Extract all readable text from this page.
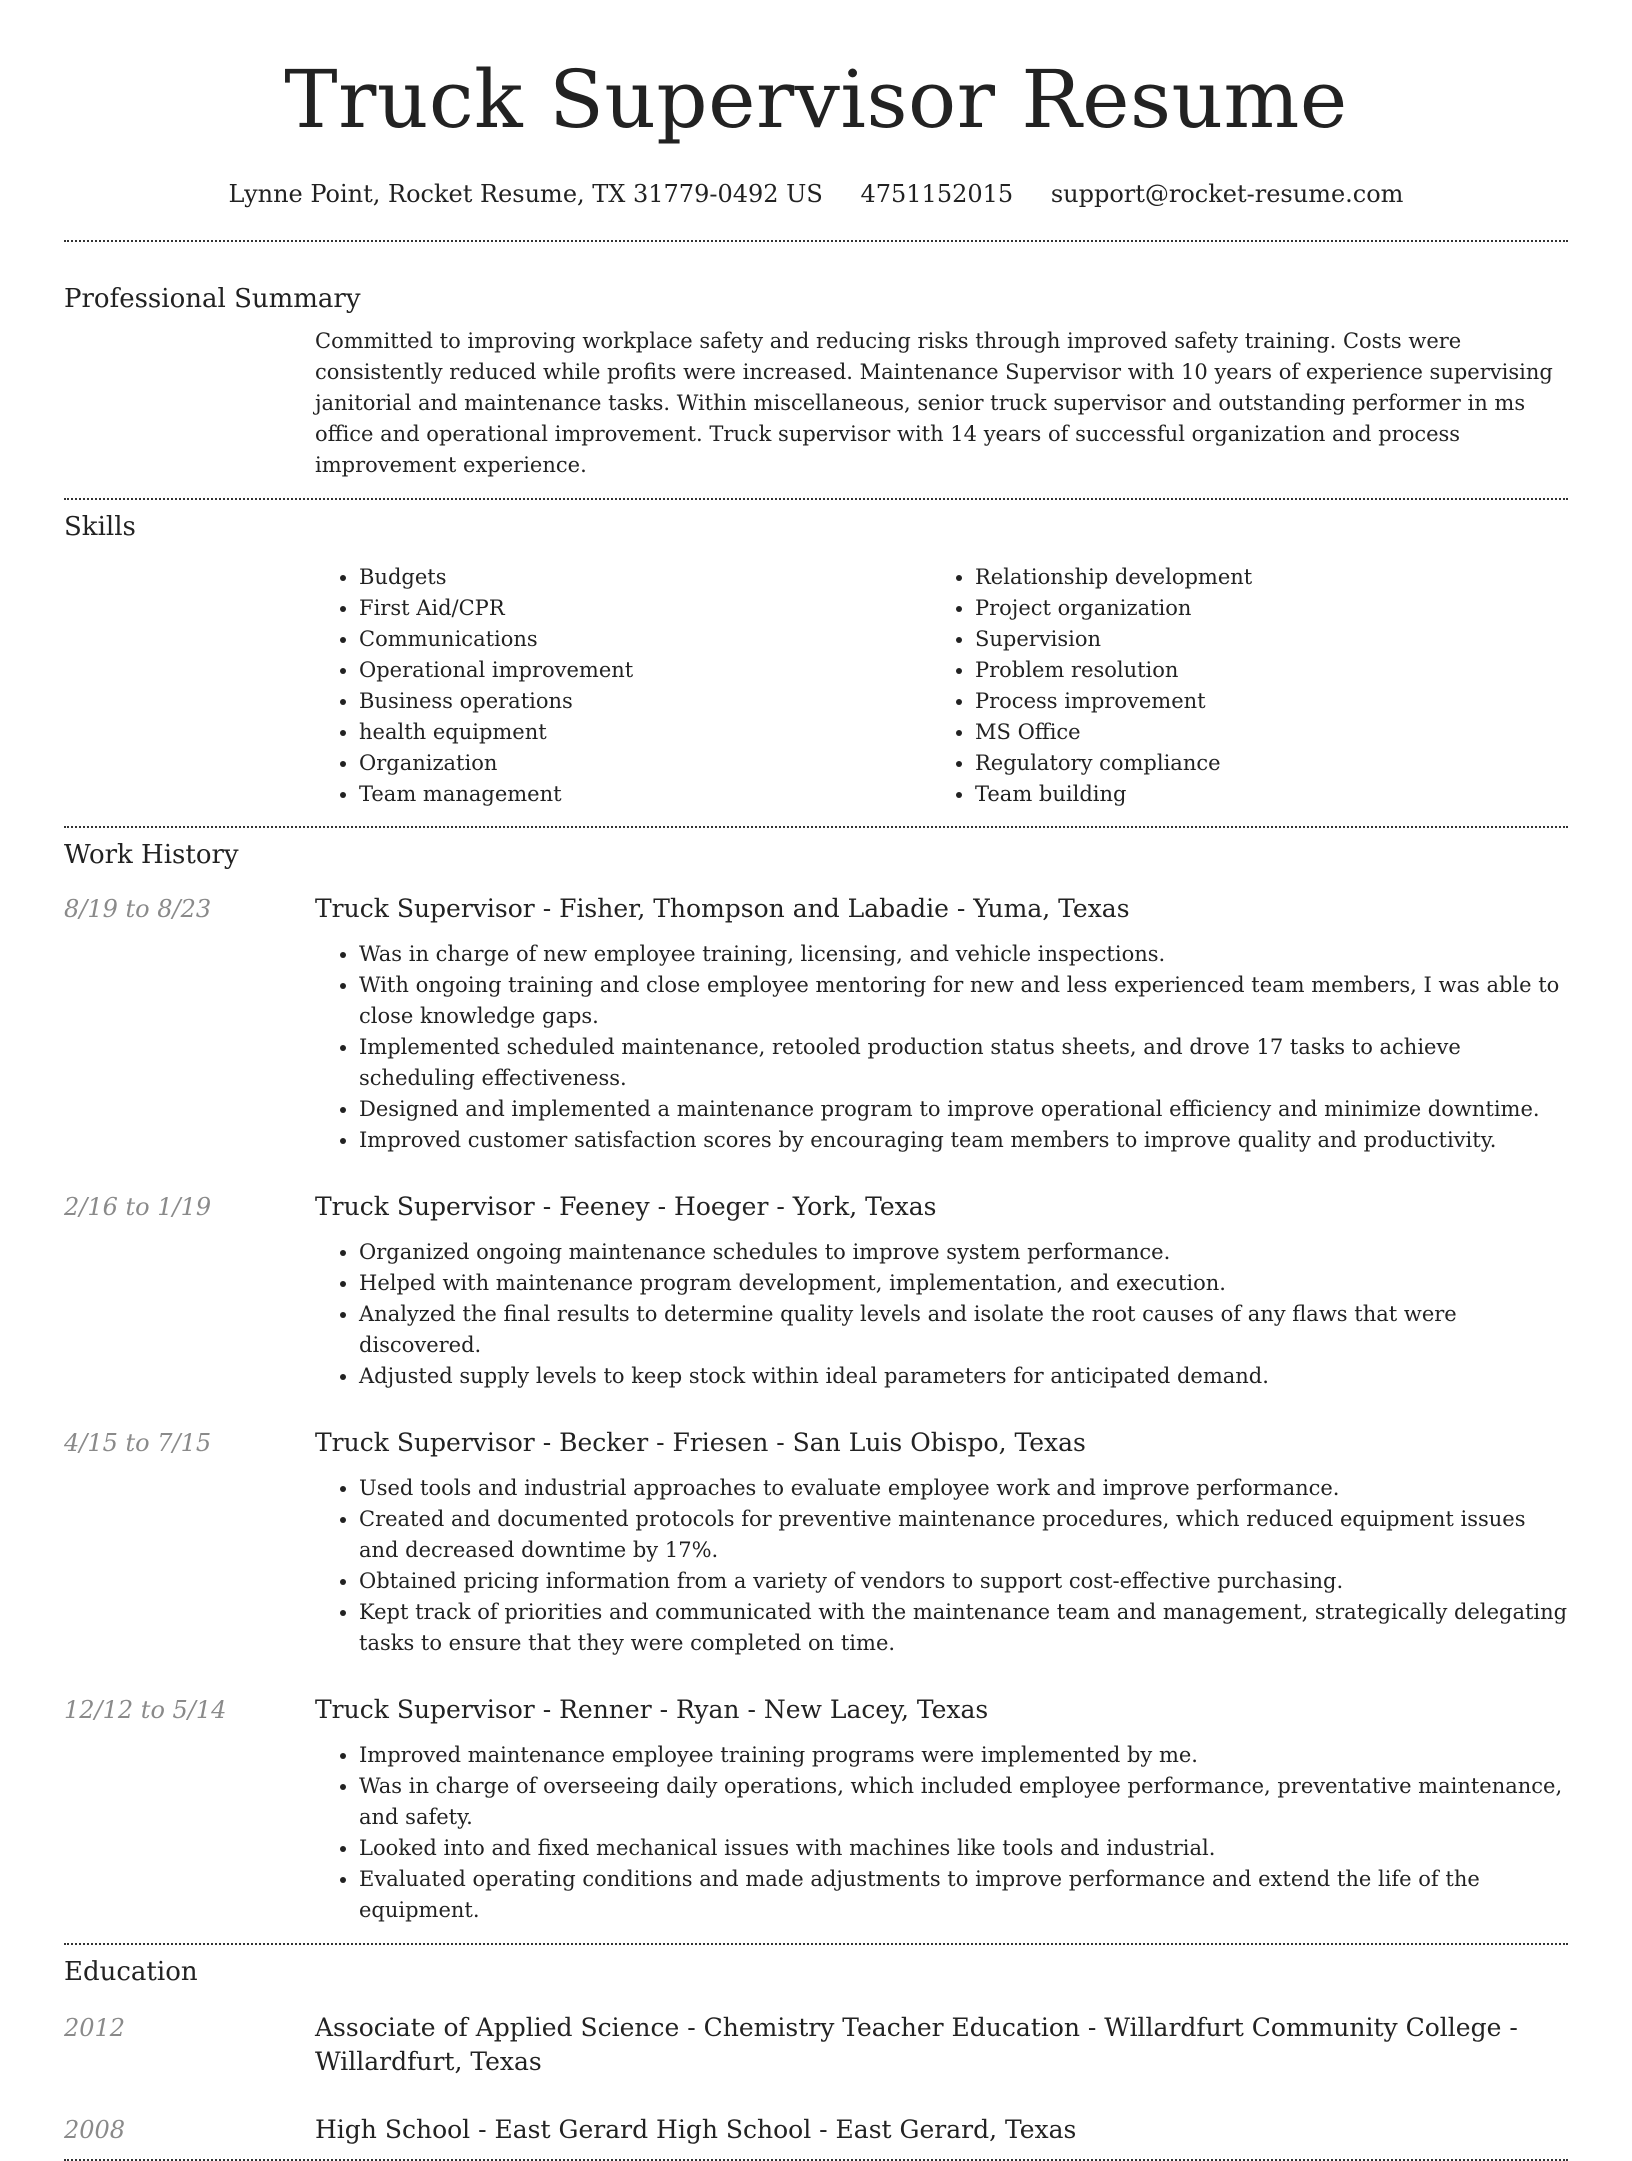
Truck Supervisor Resume
Lynne Point, Rocket Resume, TX 31779-0492 US 4751152015 support@rocket-resume.com
Professional Summary
Committed to improving workplace safety and reducing risks through improved safety training. Costs were consistently reduced while profits were increased. Maintenance Supervisor with 10 years of experience supervising janitorial and maintenance tasks. Within miscellaneous, senior truck supervisor and outstanding performer in ms office and operational improvement. Truck supervisor with 14 years of successful organization and process improvement experience.
Skills
• Budgets
• First Aid/CPR
• Communications
• Operational improvement
• Business operations
• health equipment
• Organization
• Team management
• Relationship development
• Project organization
• Supervision
• Problem resolution
• Process improvement
• MS Office
• Regulatory compliance
• Team building
Work History
8/19 to 8/23	Truck Supervisor - Fisher, Thompson and Labadie - Yuma, Texas
• Was in charge of new employee training, licensing, and vehicle inspections.
• With ongoing training and close employee mentoring for new and less experienced team members, I was able to close knowledge gaps.
• Implemented scheduled maintenance, retooled production status sheets, and drove 17 tasks to achieve scheduling effectiveness.
• Designed and implemented a maintenance program to improve operational efficiency and minimize downtime.
• Improved customer satisfaction scores by encouraging team members to improve quality and productivity.
2/16 to 1/19	Truck Supervisor - Feeney - Hoeger - York, Texas
• Organized ongoing maintenance schedules to improve system performance.
• Helped with maintenance program development, implementation, and execution.
• Analyzed the final results to determine quality levels and isolate the root causes of any flaws that were discovered.
• Adjusted supply levels to keep stock within ideal parameters for anticipated demand.
4/15 to 7/15	Truck Supervisor - Becker - Friesen - San Luis Obispo, Texas
• Used tools and industrial approaches to evaluate employee work and improve performance.
• Created and documented protocols for preventive maintenance procedures, which reduced equipment issues and decreased downtime by 17%.
• Obtained pricing information from a variety of vendors to support cost-effective purchasing.
• Kept track of priorities and communicated with the maintenance team and management, strategically delegating tasks to ensure that they were completed on time.
12/12 to 5/14	Truck Supervisor - Renner - Ryan - New Lacey, Texas
• Improved maintenance employee training programs were implemented by me.
• Was in charge of overseeing daily operations, which included employee performance, preventative maintenance, and safety.
• Looked into and fixed mechanical issues with machines like tools and industrial.
• Evaluated operating conditions and made adjustments to improve performance and extend the life of the equipment.
Education
2012	Associate of Applied Science - Chemistry Teacher Education - Willardfurt Community College - Willardfurt, Texas
2008	High School - East Gerard High School - East Gerard, Texas
